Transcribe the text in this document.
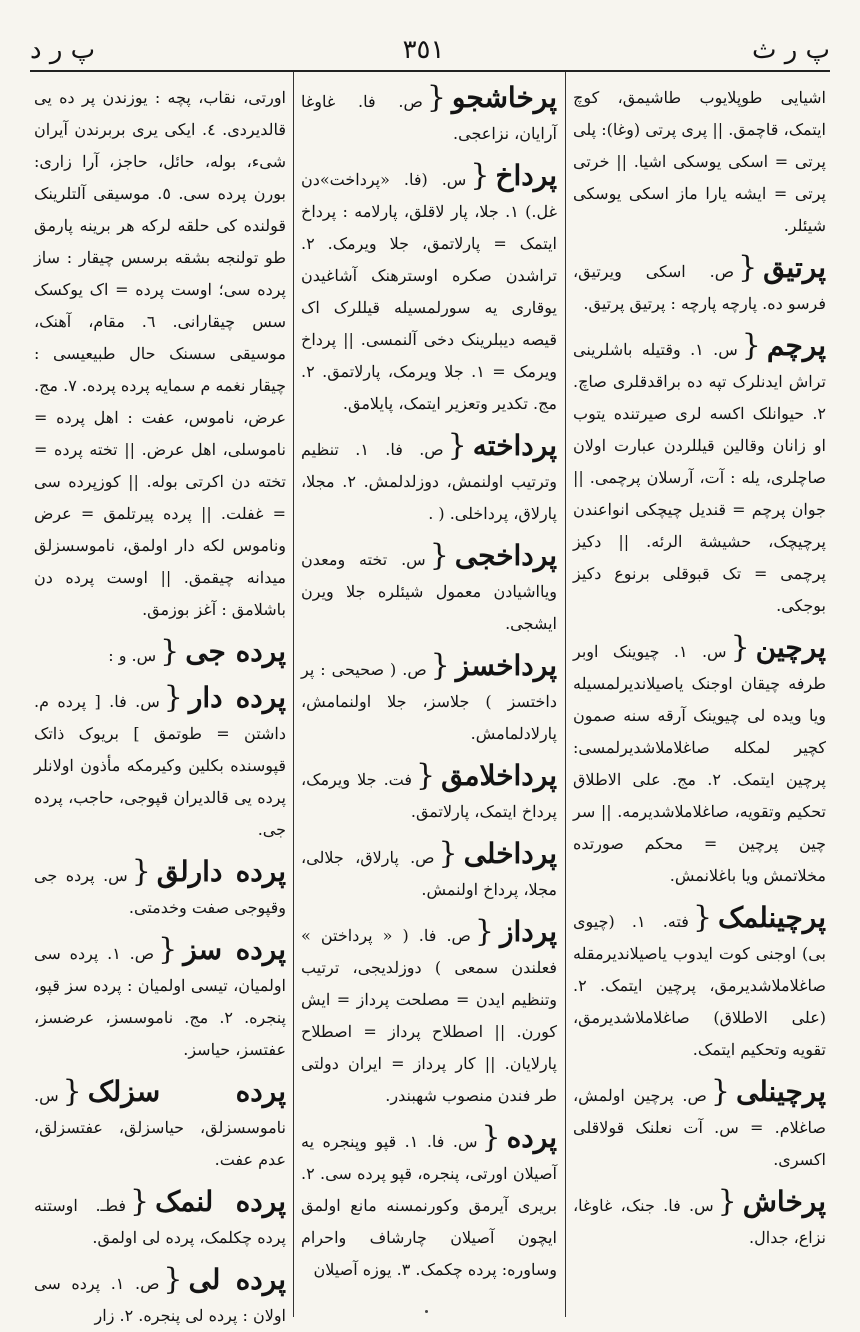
پ ر ث
٣٥١
پ ر د

اشیایی طوپلایوب طاشیمق، کوچ ایتمک، قاچمق. || پری پرتی (وغا): پلی پرتی = اسکی یوسکی اشیا. || خرتی پرتی = ایشه یارا ماز اسکی یوسکی شیئلر.

پرتیق{ص. اسکی ویرتیق، فرسو ده. پارچه پارچه : پرتیق پرتیق.

پرچم{س. ١. وقتیله باشلرینی تراش ایدنلرک تپه ده براقدقلری صاچ. ٢. حیوانلک اکسه لری صیرتنده یتوب او زانان وقالین قیللردن عبارت اولان صاچلری، یله : آت، آرسلان پرچمی. || جوان پرچم = قندیل چیچکی انواعندن پرچیچک، حشیشة الرئه. || دکیز پرچمی = تک قبوقلی برنوع دکیز بوجکی.

پرچین{س. ١. چیوینک اوبر طرفه چیقان اوجنک یاصیلاندیرلمسیله ویا ویده لی چیوینک آرقه سنه صمون کچیر لمکله صاغلاملاشدیرلمسی: پرچین ایتمک. ٢. مج. علی الاطلاق تحکیم وتقویه، صاغلاملاشدیرمه. || سر چین پرچین = محکم صورتده مخلاتمش ویا باغلانمش.

پرچینلمک{فته. ١. (چیوی بی) اوجنی کوت ایدوب یاصیلاندیرمقله صاغلاملاشدیرمق، پرچین ایتمک. ٢. (علی الاطلاق) صاغلاملاشدیرمق، تقویه وتحکیم ایتمک.

پرچینلی{ص. پرچین اولمش، صاغلام. = س. آت نعلنک قولاقلی اکسری.

پرخاش{س. فا. جنک، غاوغا، نزاع، جدال.

پرخاشجو{ص. فا. غاوغا آرایان، نزاعجی.

پرداخ{س. (فا. «پرداخت»دن غل.) ١. جلا، پار لاقلق، پارلامه : پرداخ ایتمک = پارلاتمق، جلا ویرمک. ٢. تراشدن صکره اوسترهنک آشاغیدن یوقاری یه سورلمسیله قیللرک اک قیصه دیبلرینک دخی آلنمسی. || پرداخ ویرمک = ١. جلا ویرمک، پارلاتمق. ٢. مج. تکدیر وتعزیر ایتمک، پایلامق.

پرداخته{ص. فا. ١. تنظیم وترتیب اولنمش، دوزلدلمش. ٢. مجلا، پارلاق، پرداخلی. ( .

پرداخجی{س. تخته ومعدن ویااشیادن معمول شیئلره جلا ویرن ایشجی.

پرداخسز{ص. ( صحیحی : پر داختسز ) جلاسز، جلا اولنمامش، پارلادلمامش.

پرداخلامق{فت. جلا ویرمک، پرداخ ایتمک، پارلاتمق.

پرداخلی{ص. پارلاق، جلالی، مجلا، پرداخ اولنمش.

پرداز{ص. فا. ( « پرداختن » فعلندن سمعی ) دوزلدیجی، ترتیب وتنظیم ایدن = مصلحت پرداز = ایش کورن. || اصطلاح پرداز = اصطلاح پارلایان. || کار پرداز = ایران دولتی طر فندن منصوب شهبندر.

پرده{س. فا. ١. قپو وپنجره یه آصیلان اورتی، پنجره، قپو پرده سی. ٢. بریری آیرمق وکورنمسنه مانع اولمق ایچون آصیلان چارشاف واحرام وساوره: پرده چکمک. ٣. یوزه آصیلان

اورتی، نقاب، پچه : یوزندن پر ده یی قالدیردی. ٤. ایکی یری بربرندن آیران شیء، بوله، حائل، حاجز، آرا زاری: بورن پرده سی. ٥. موسیقی آلتلرینک قولنده کی حلقه لرکه هر برینه پارمق طو تولنجه بشقه برسس چیقار : ساز پرده سی؛ اوست پرده = اک یوکسک سس چیقارانی. ٦. مقام، آهنک، موسیقی سسنک حال طبیعیسی : چیقار نغمه م سمایه پرده پرده. ٧. مج. عرض، ناموس، عفت : اهل پرده = ناموسلی، اهل عرض. || تخته پرده = تخته دن اکرتی بوله. || کوزپرده سی = غفلت. || پرده پیرتلمق = عرض وناموس لکه دار اولمق، ناموسسزلق میدانه چیقمق. || اوست پرده دن باشلامق : آغز بوزمق.

پرده جی{س. و :

پرده دار{س. فا. [ پرده م. داشتن = طوتمق ] بریوک ذاتک قپوسنده بکلین وکیرمکه مأذون اولانلر پرده یی قالدیران قپوجی، حاجب، پرده جی.

پرده دارلق{س. پرده جی وقپوجی صفت وخدمتی.

پرده سز{ص. ١. پرده سی اولمیان، تیسی اولمیان : پرده سز قپو، پنجره. ٢. مج. ناموسسز، عرضسز، عفتسز، حیاسز.

پرده سزلک{س. ناموسسزلق، حیاسزلق، عفتسزلق، عدم عفت.

پرده لنمک{فطـ. اوستنه پرده چکلمک، پرده لی اولمق.

پرده لی{ص. ١. پرده سی اولان : پرده لی پنجره. ٢. زار
